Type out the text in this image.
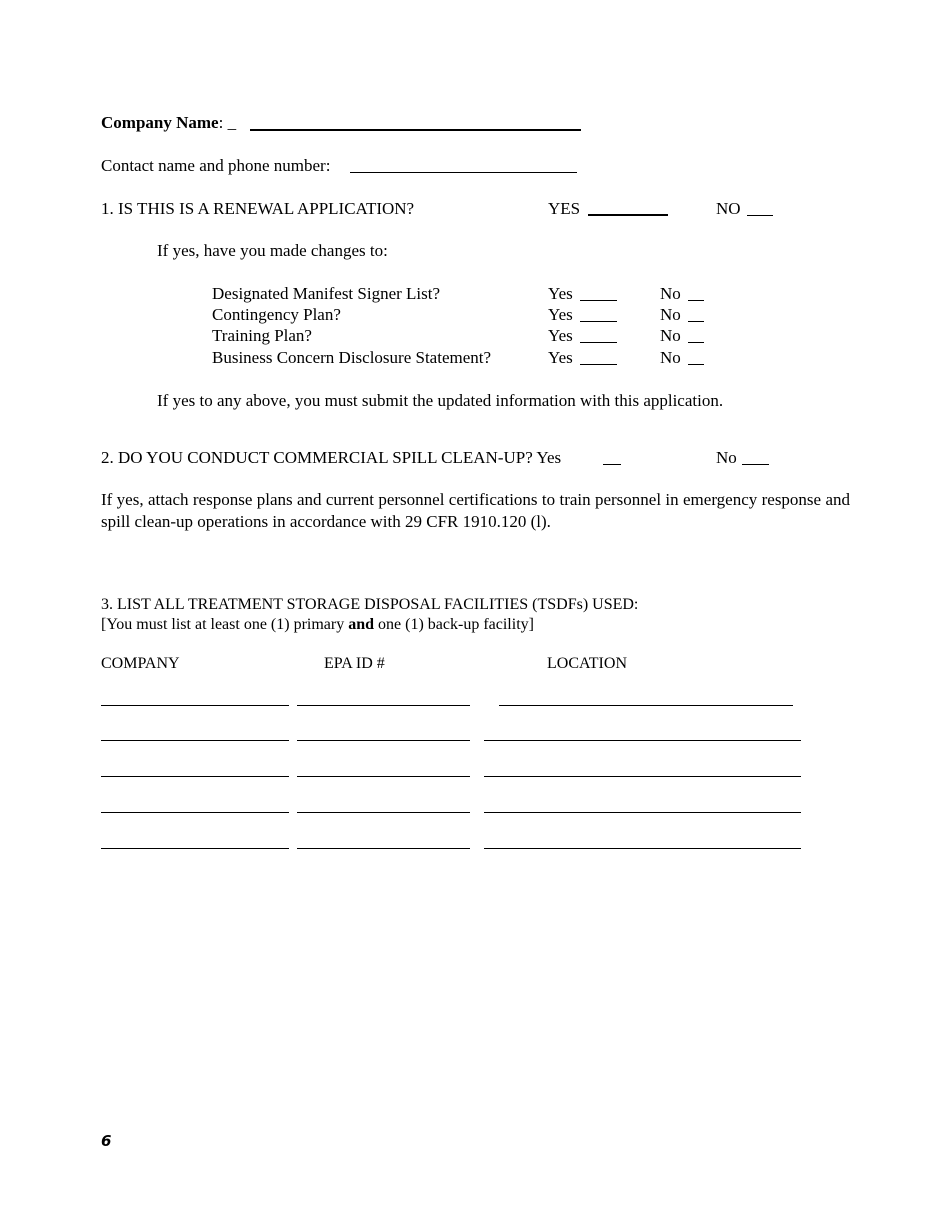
Company Name: _
Contact name and phone number:
1. IS THIS IS A RENEWAL APPLICATION?	YES	NO
If yes, have you made changes to:
Designated Manifest Signer List?	Yes	No
Contingency Plan?	Yes	No
Training Plan?	Yes	No
Business Concern Disclosure Statement?	Yes	No
If yes to any above, you must submit the updated information with this application.
2. DO YOU CONDUCT COMMERCIAL SPILL CLEAN-UP? Yes	No
If yes, attach response plans and current personnel certifications to train personnel in emergency response and spill clean-up operations in accordance with 29 CFR 1910.120 (l).
3. LIST ALL TREATMENT STORAGE DISPOSAL FACILITIES (TSDFs) USED:
[You must list at least one (1) primary and one (1) back-up facility]
COMPANY	EPA ID #	LOCATION
6
